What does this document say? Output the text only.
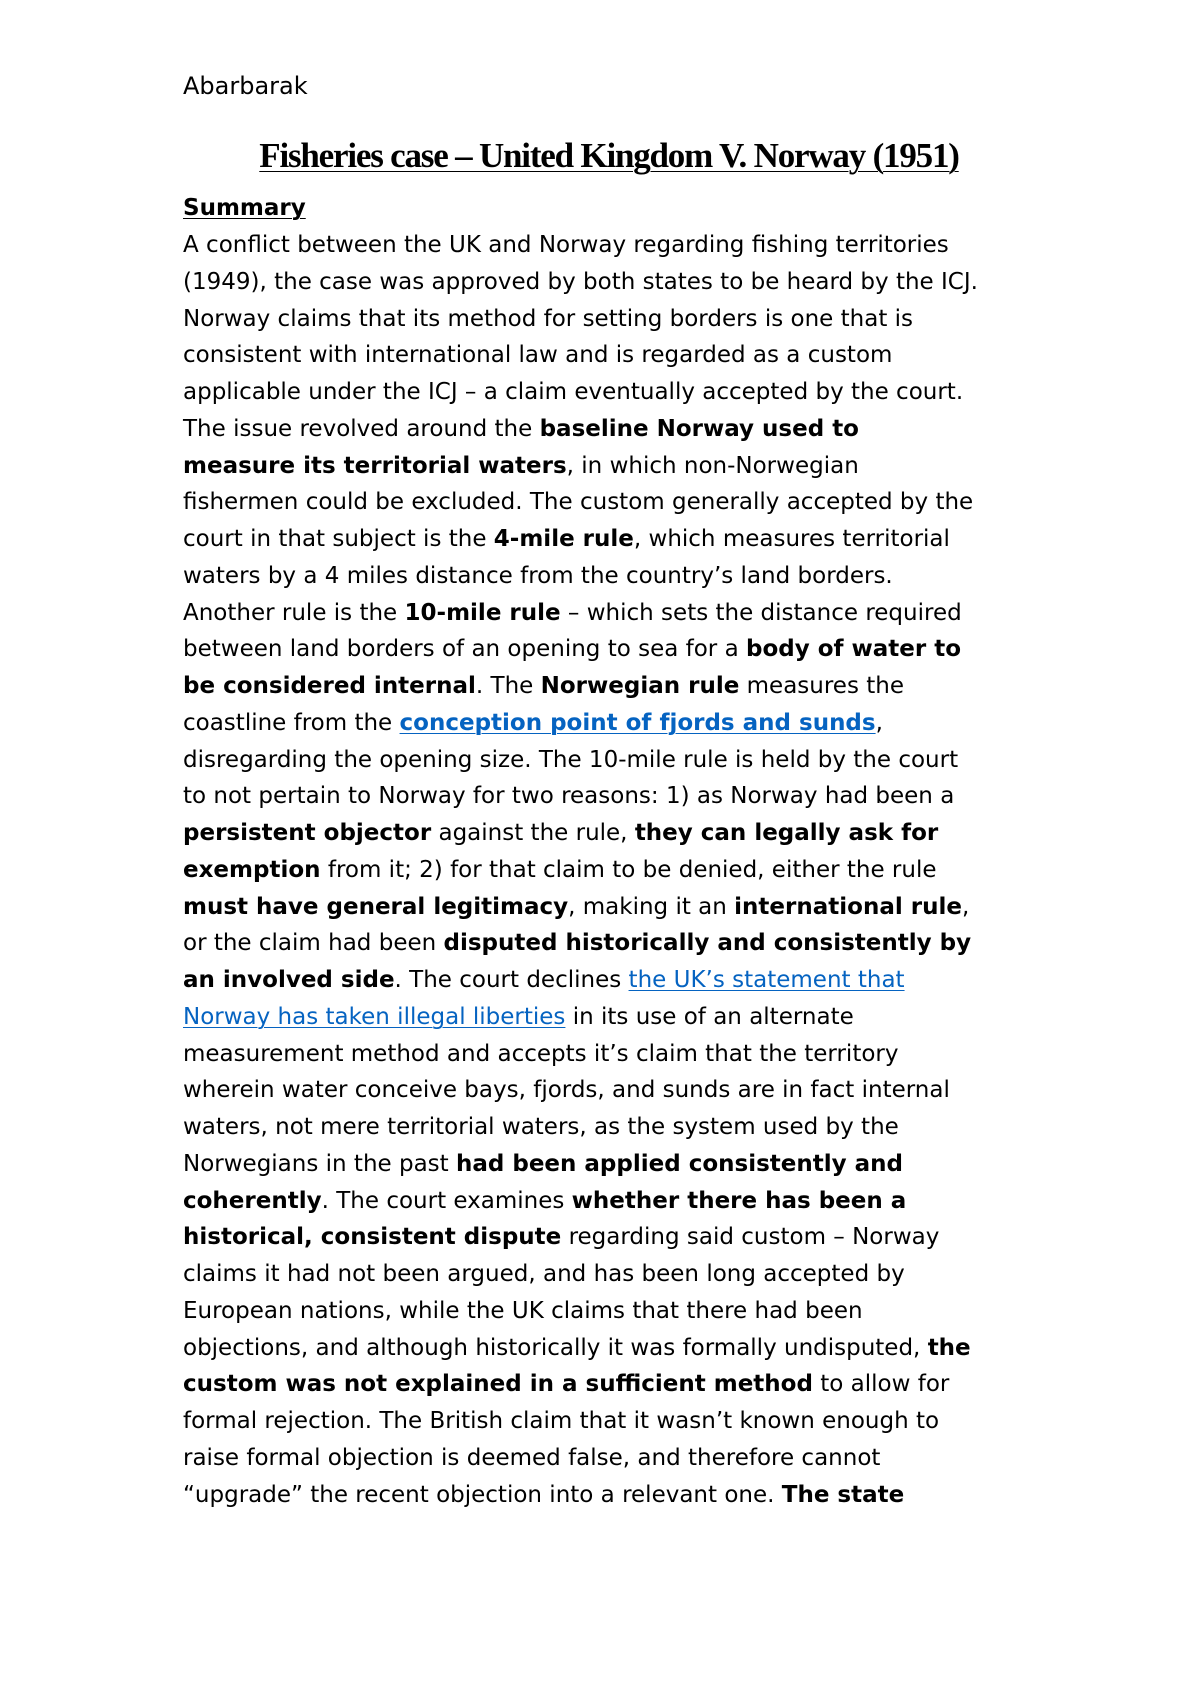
Abarbarak

Fisheries case – United Kingdom V. Norway (1951)
Summary
A conflict between the UK and Norway regarding fishing territories
(1949), the case was approved by both states to be heard by the ICJ.
Norway claims that its method for setting borders is one that is
consistent with international law and is regarded as a custom
applicable under the ICJ – a claim eventually accepted by the court.
The issue revolved around the baseline Norway used to
measure its territorial waters, in which non-Norwegian
fishermen could be excluded. The custom generally accepted by the
court in that subject is the 4-mile rule, which measures territorial
waters by a 4 miles distance from the country’s land borders.
Another rule is the 10-mile rule – which sets the distance required
between land borders of an opening to sea for a body of water to
be considered internal. The Norwegian rule measures the
coastline from the conception point of fjords and sunds,
disregarding the opening size. The 10-mile rule is held by the court
to not pertain to Norway for two reasons: 1) as Norway had been a
persistent objector against the rule, they can legally ask for
exemption from it; 2) for that claim to be denied, either the rule
must have general legitimacy, making it an international rule,
or the claim had been disputed historically and consistently by
an involved side. The court declines the UK’s statement that
Norway has taken illegal liberties in its use of an alternate
measurement method and accepts it’s claim that the territory
wherein water conceive bays, fjords, and sunds are in fact internal
waters, not mere territorial waters, as the system used by the
Norwegians in the past had been applied consistently and
coherently. The court examines whether there has been a
historical, consistent dispute regarding said custom – Norway
claims it had not been argued, and has been long accepted by
European nations, while the UK claims that there had been
objections, and although historically it was formally undisputed, the
custom was not explained in a sufficient method to allow for
formal rejection. The British claim that it wasn’t known enough to
raise formal objection is deemed false, and therefore cannot
“upgrade” the recent objection into a relevant one. The state
